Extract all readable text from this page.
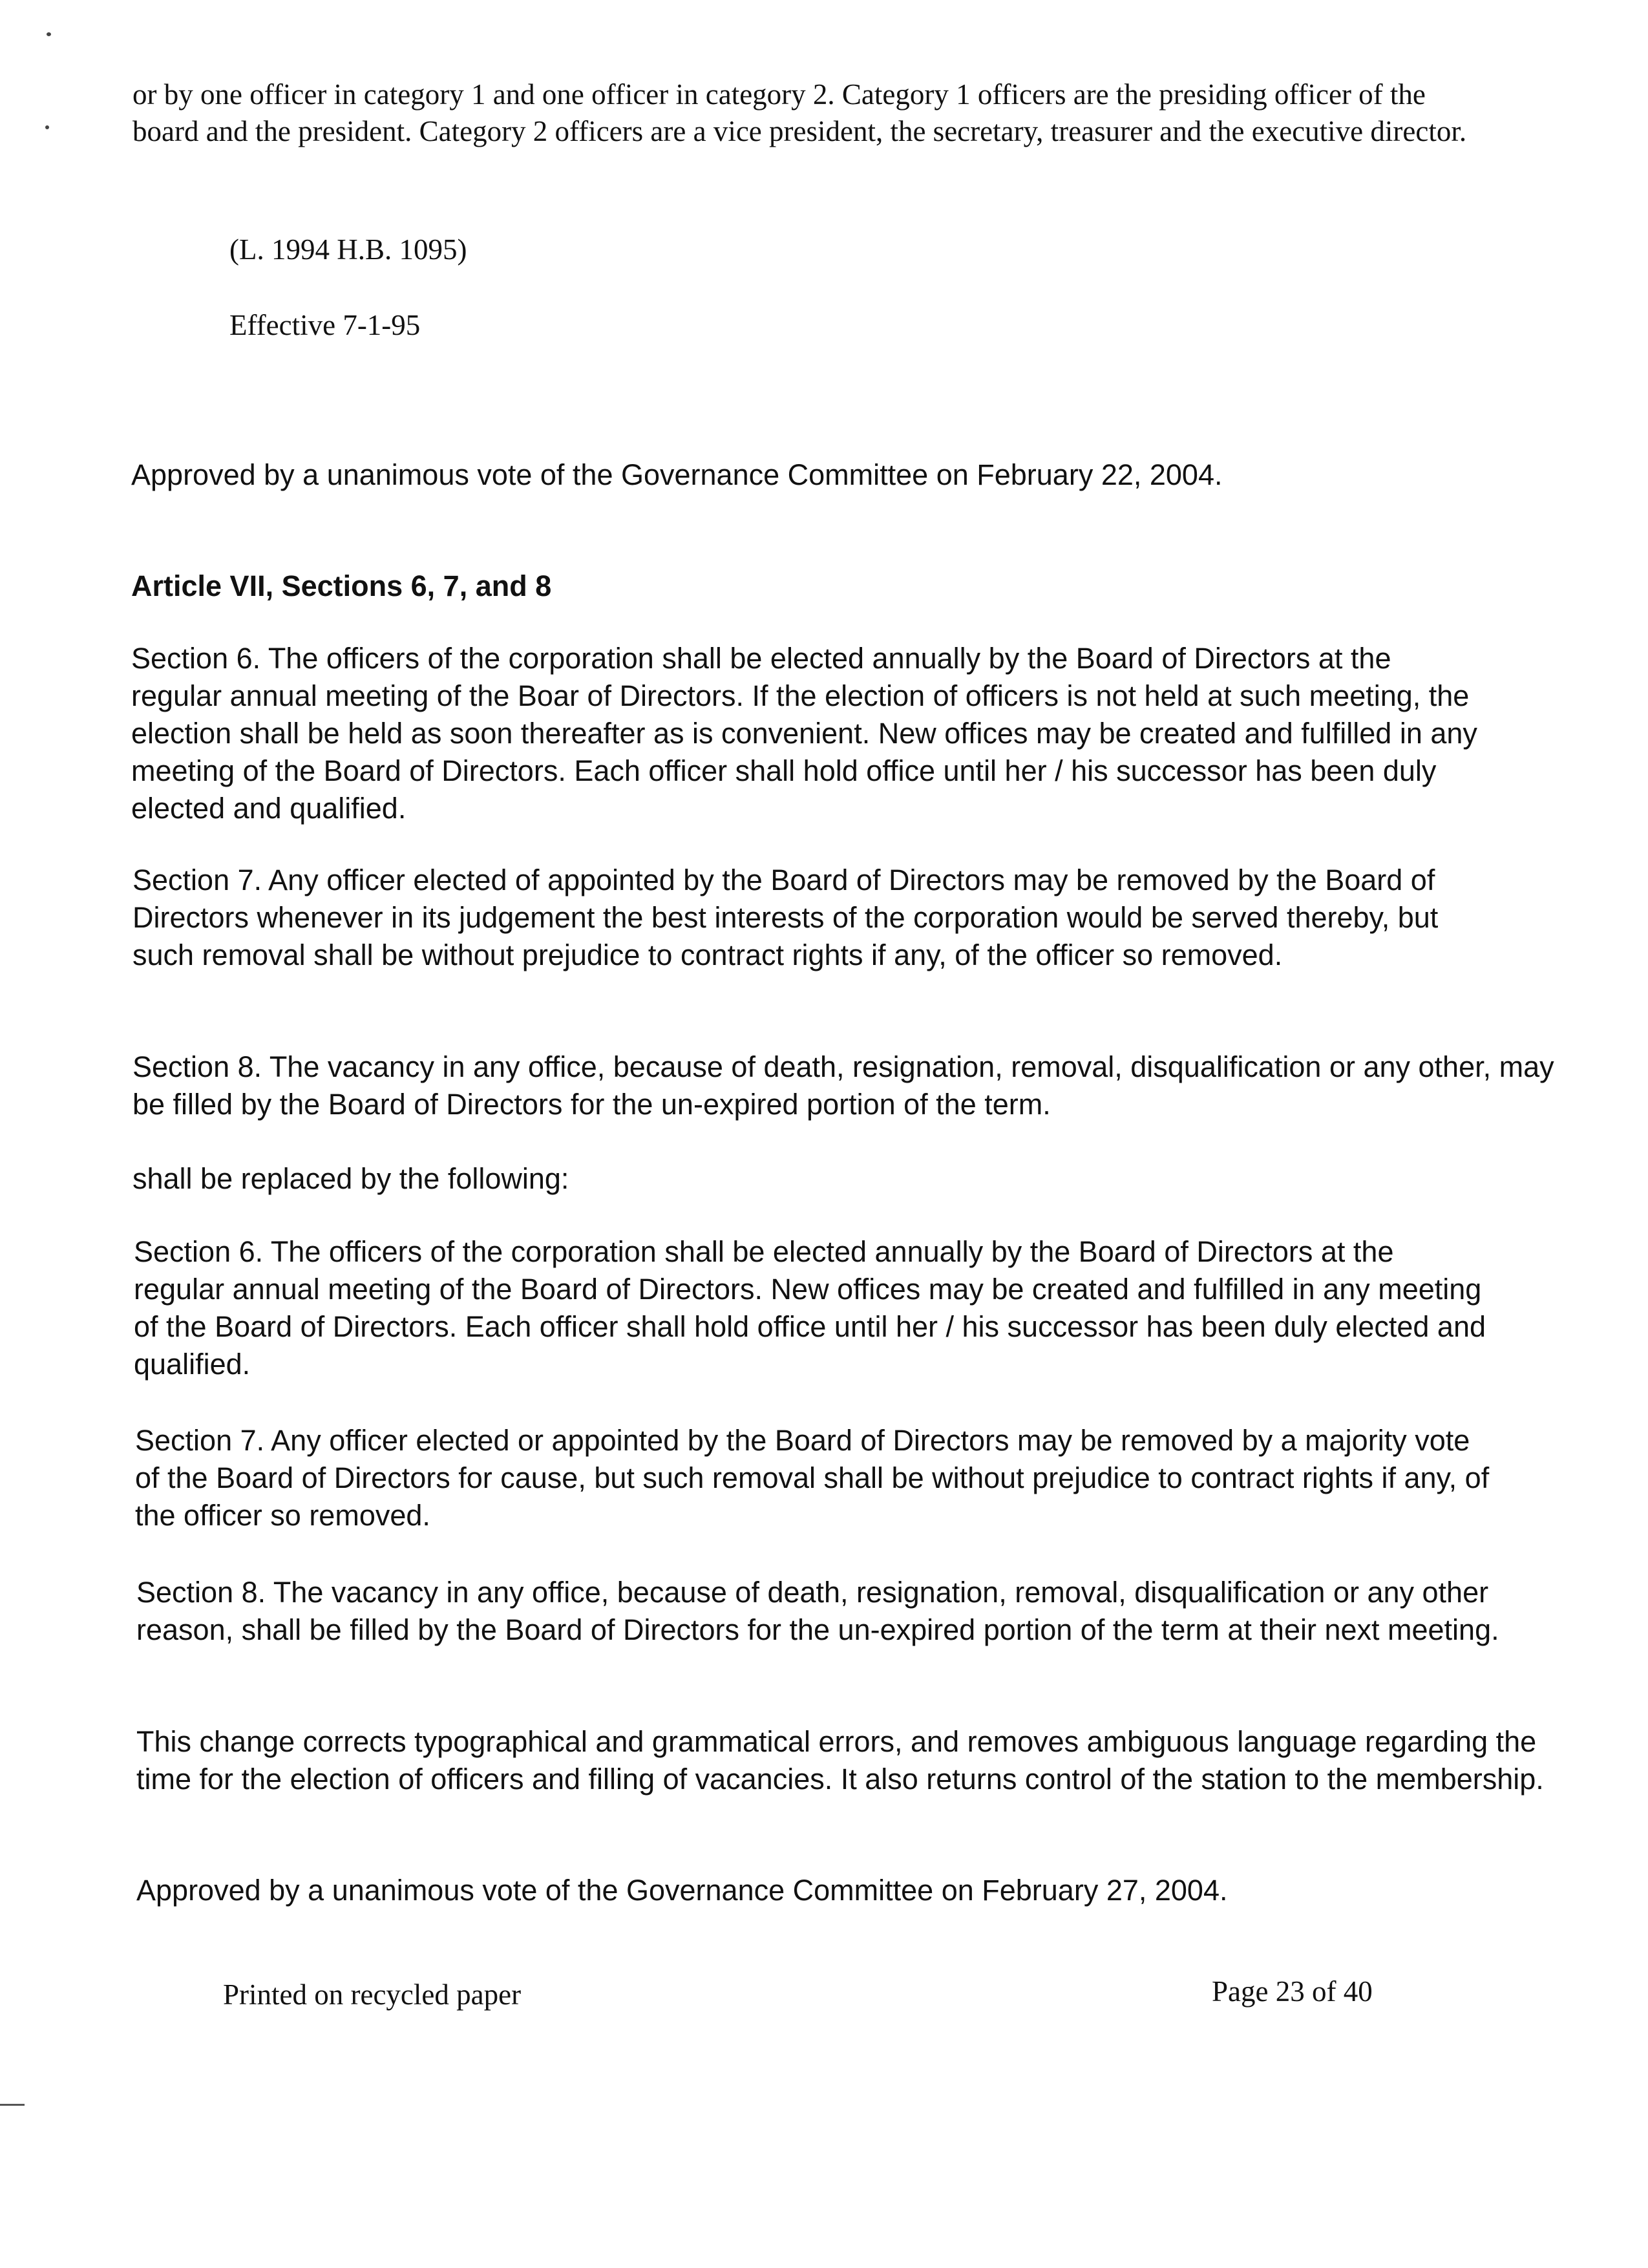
or by one officer in category 1 and one officer in category 2. Category 1 officers are the presiding officer of the board and the president. Category 2 officers are a vice president, the secretary, treasurer and the executive director.

(L. 1994 H.B. 1095)

Effective 7-1-95

Approved by a unanimous vote of the Governance Committee on February 22, 2004.

Article VII, Sections 6, 7, and 8

Section 6. The officers of the corporation shall be elected annually by the Board of Directors at the regular annual meeting of the Boar of Directors. If the election of officers is not held at such meeting, the election shall be held as soon thereafter as is convenient. New offices may be created and fulfilled in any meeting of the Board of Directors. Each officer shall hold office until her / his successor has been duly elected and qualified.

Section 7. Any officer elected of appointed by the Board of Directors may be removed by the Board of Directors whenever in its judgement the best interests of the corporation would be served thereby, but such removal shall be without prejudice to contract rights if any, of the officer so removed.

Section 8. The vacancy in any office, because of death, resignation, removal, disqualification or any other, may be filled by the Board of Directors for the un-expired portion of the term.

shall be replaced by the following:

Section 6. The officers of the corporation shall be elected annually by the Board of Directors at the regular annual meeting of the Board of Directors. New offices may be created and fulfilled in any meeting of the Board of Directors. Each officer shall hold office until her / his successor has been duly elected and qualified.

Section 7. Any officer elected or appointed by the Board of Directors may be removed by a majority vote of the Board of Directors for cause, but such removal shall be without prejudice to contract rights if any, of the officer so removed.

Section 8. The vacancy in any office, because of death, resignation, removal, disqualification or any other reason, shall be filled by the Board of Directors for the un-expired portion of the term at their next meeting.

This change corrects typographical and grammatical errors, and removes ambiguous language regarding the time for the election of officers and filling of vacancies. It also returns control of the station to the membership.

Approved by a unanimous vote of the Governance Committee on February 27, 2004.

Printed on recycled paper	Page 23 of 40
